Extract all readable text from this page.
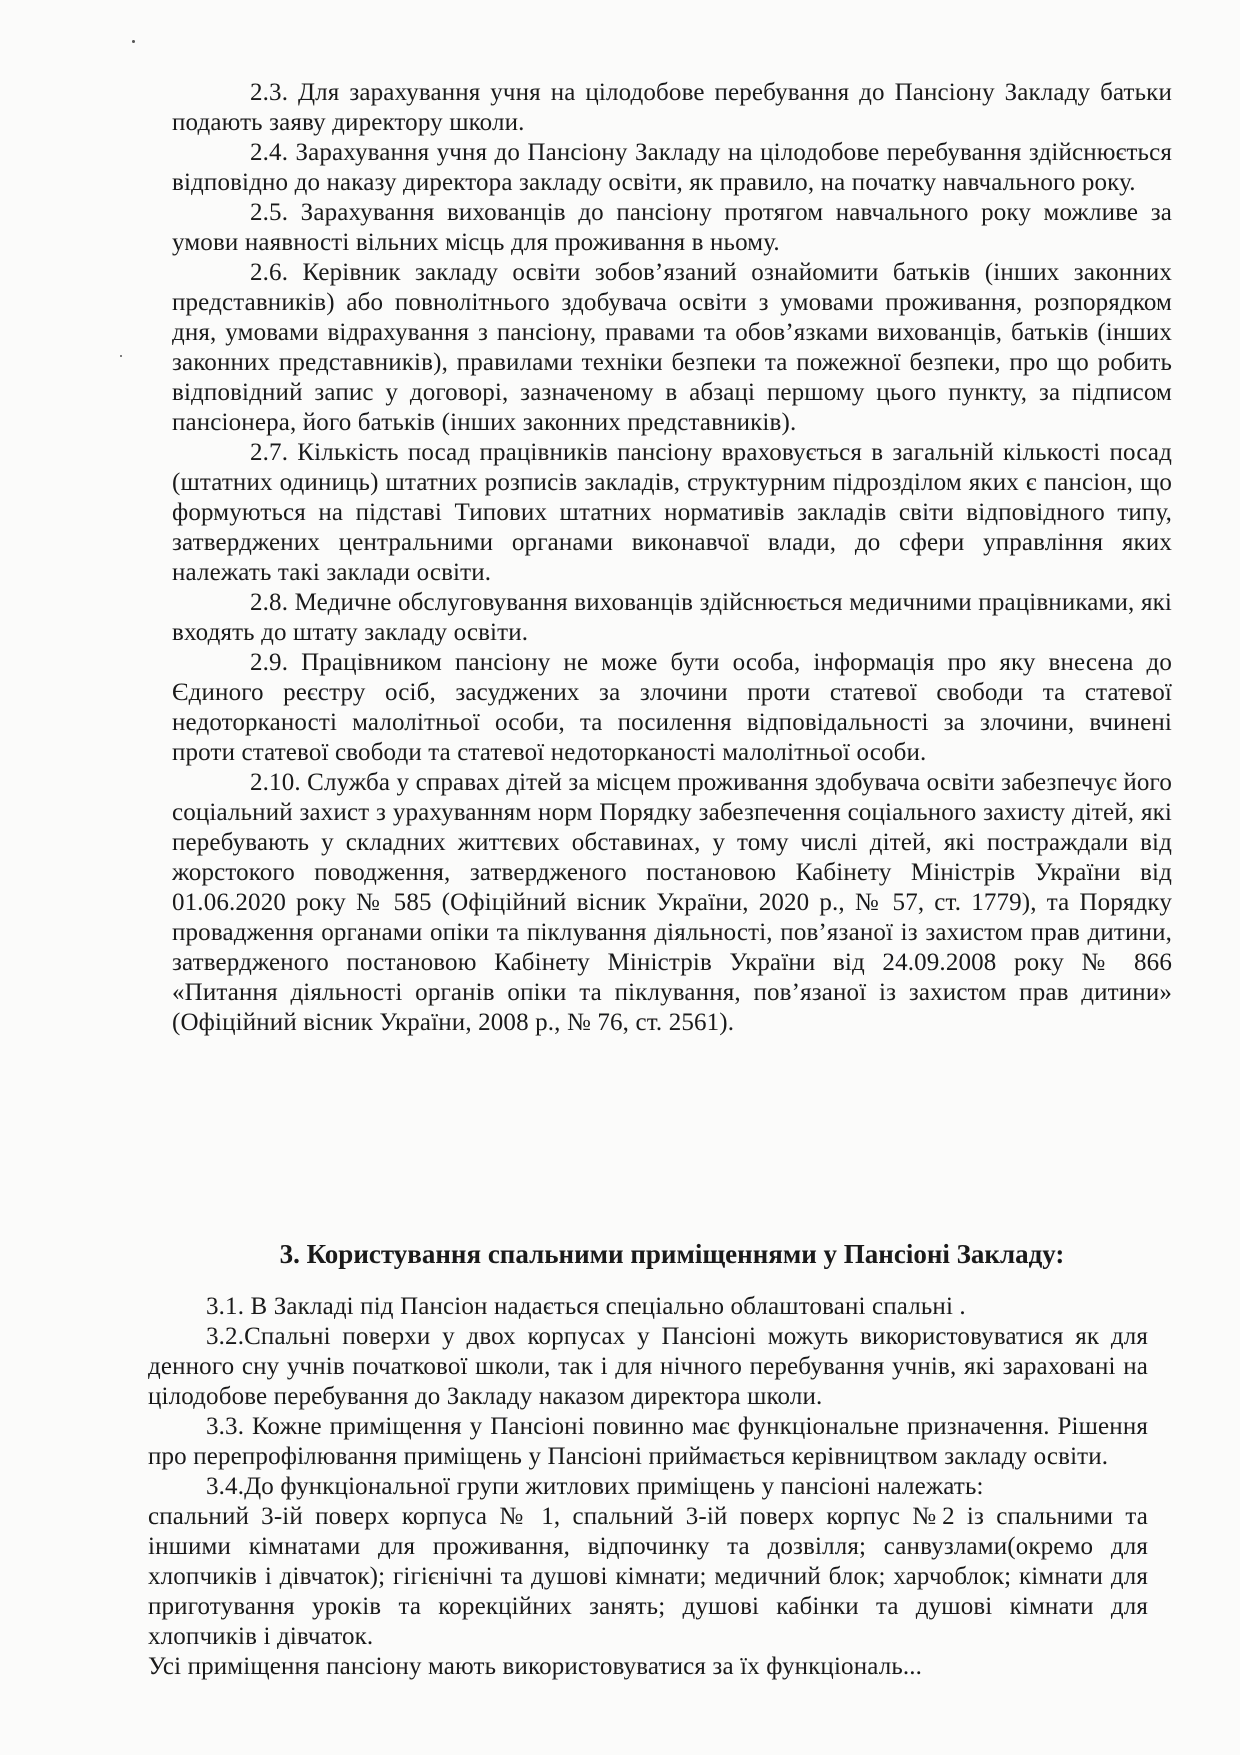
2.3. Для зарахування учня на цілодобове перебування до Пансіону Закладу батьки подають заяву директору школи.

2.4. Зарахування учня до Пансіону Закладу на цілодобове перебування здійснюється відповідно до наказу директора закладу освіти, як правило, на початку навчального року.

2.5. Зарахування вихованців до пансіону протягом навчального року можливе за умови наявності вільних місць для проживання в ньому.

2.6. Керівник закладу освіти зобов’язаний ознайомити батьків (інших законних представників) або повнолітнього здобувача освіти з умовами проживання, розпорядком дня, умовами відрахування з пансіону, правами та обов’язками вихованців, батьків (інших законних представників), правилами техніки безпеки та пожежної безпеки, про що робить відповідний запис у договорі, зазначеному в абзаці першому цього пункту, за підписом пансіонера, його батьків (інших законних представників).

2.7. Кількість посад працівників пансіону враховується в загальній кількості посад (штатних одиниць) штатних розписів закладів, структурним підрозділом яких є пансіон, що формуються на підставі Типових штатних нормативів закладів світи відповідного типу, затверджених центральними органами виконавчої влади, до сфери управління яких належать такі заклади освіти.

2.8. Медичне обслуговування вихованців здійснюється медичними працівниками, які входять до штату закладу освіти.

2.9. Працівником пансіону не може бути особа, інформація про яку внесена до Єдиного реєстру осіб, засуджених за злочини проти статевої свободи та статевої недоторканості малолітньої особи, та посилення відповідальності за злочини, вчинені проти статевої свободи та статевої недоторканості малолітньої особи.

2.10. Служба у справах дітей за місцем проживання здобувача освіти забезпечує його соціальний захист з урахуванням норм Порядку забезпечення соціального захисту дітей, які перебувають у складних життєвих обставинах, у тому числі дітей, які постраждали від жорстокого поводження, затвердженого постановою Кабінету Міністрів України від 01.06.2020 року № 585 (Офіційний вісник України, 2020 р., № 57, ст. 1779), та Порядку провадження органами опіки та піклування діяльності, пов’язаної із захистом прав дитини, затвердженого постановою Кабінету Міністрів України від 24.09.2008 року № 866 «Питання діяльності органів опіки та піклування, пов’язаної із захистом прав дитини» (Офіційний вісник України, 2008 р., № 76, ст. 2561).

3. Користування спальними приміщеннями у Пансіоні Закладу:

3.1. В Закладі під Пансіон надається спеціально облаштовані спальні .

3.2.Спальні поверхи у двох корпусах у Пансіоні можуть використовуватися як для денного сну учнів початкової школи, так і для нічного перебування учнів, які зараховані на цілодобове перебування до Закладу наказом директора школи.

3.3. Кожне приміщення у Пансіоні повинно має функціональне призначення. Рішення про перепрофілювання приміщень у Пансіоні приймається керівництвом закладу освіти.

3.4.До функціональної групи житлових приміщень у пансіоні належать:

спальний 3-ій поверх корпуса № 1, спальний 3-ій поверх корпус №2 із спальними та іншими кімнатами для проживання, відпочинку та дозвілля; санвузлами(окремо для хлопчиків і дівчаток); гігієнічні та душові кімнати; медичний блок; харчоблок; кімнати для приготування уроків та корекційних занять; душові кабінки та душові кімнати для хлопчиків і дівчаток.

Усі приміщення пансіону мають використовуватися за їх функціональ...
